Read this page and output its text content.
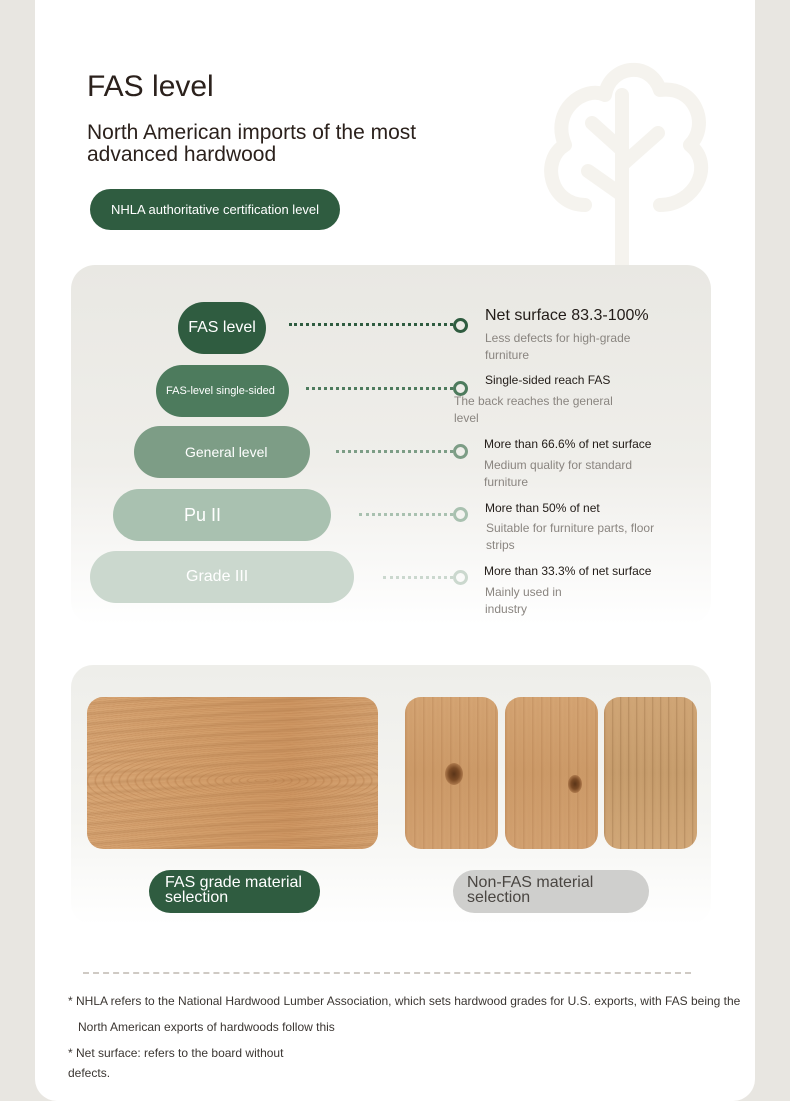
FAS level
North American imports of the most advanced hardwood
NHLA authoritative certification level
FAS level
FAS-level single-sided
General level
Pu II
Grade III
Net surface 83.3-100%
Less defects for high-grade furniture
Single-sided reach FAS
The back reaches the general level
More than 66.6% of net surface
Medium quality for standard furniture
More than 50% of net
Suitable for furniture parts, floor strips
More than 33.3% of net surface
Mainly used in industry
FAS grade material selection
Non-FAS material selection
* NHLA refers to the National Hardwood Lumber Association, which sets hardwood grades for U.S. exports, with FAS being the
North American exports of hardwoods follow this
* Net surface: refers to the board without
defects.
